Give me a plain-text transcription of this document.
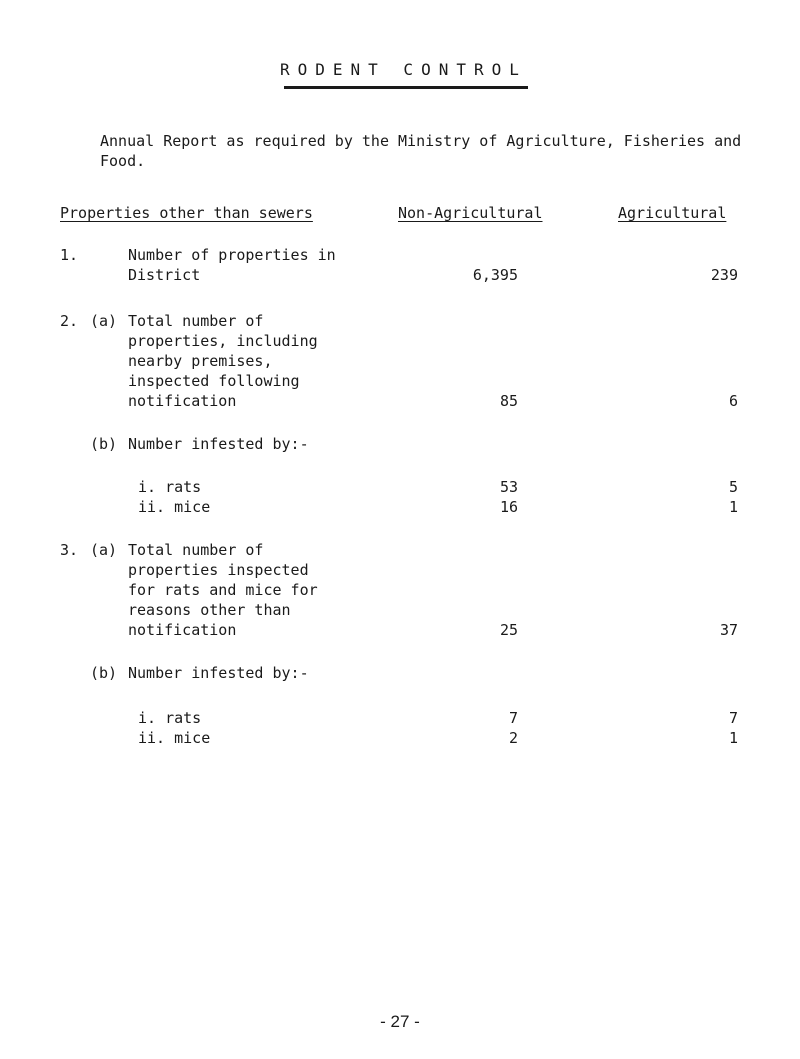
RODENT CONTROL
Annual Report as required by the Ministry of Agriculture, Fisheries and Food.
Properties other than sewers	Non-Agricultural	Agricultural
1.	Number of properties in
District	6,395	239
2. (a) Total number of
properties, including
nearby premises,
inspected following
notification	85	6
(b) Number infested by:-
i. rats	53	5
ii. mice	16	1
3. (a) Total number of
properties inspected
for rats and mice for
reasons other than
notification	25	37
(b) Number infested by:-
i. rats	7	7
ii. mice	2	1
- 27 -
